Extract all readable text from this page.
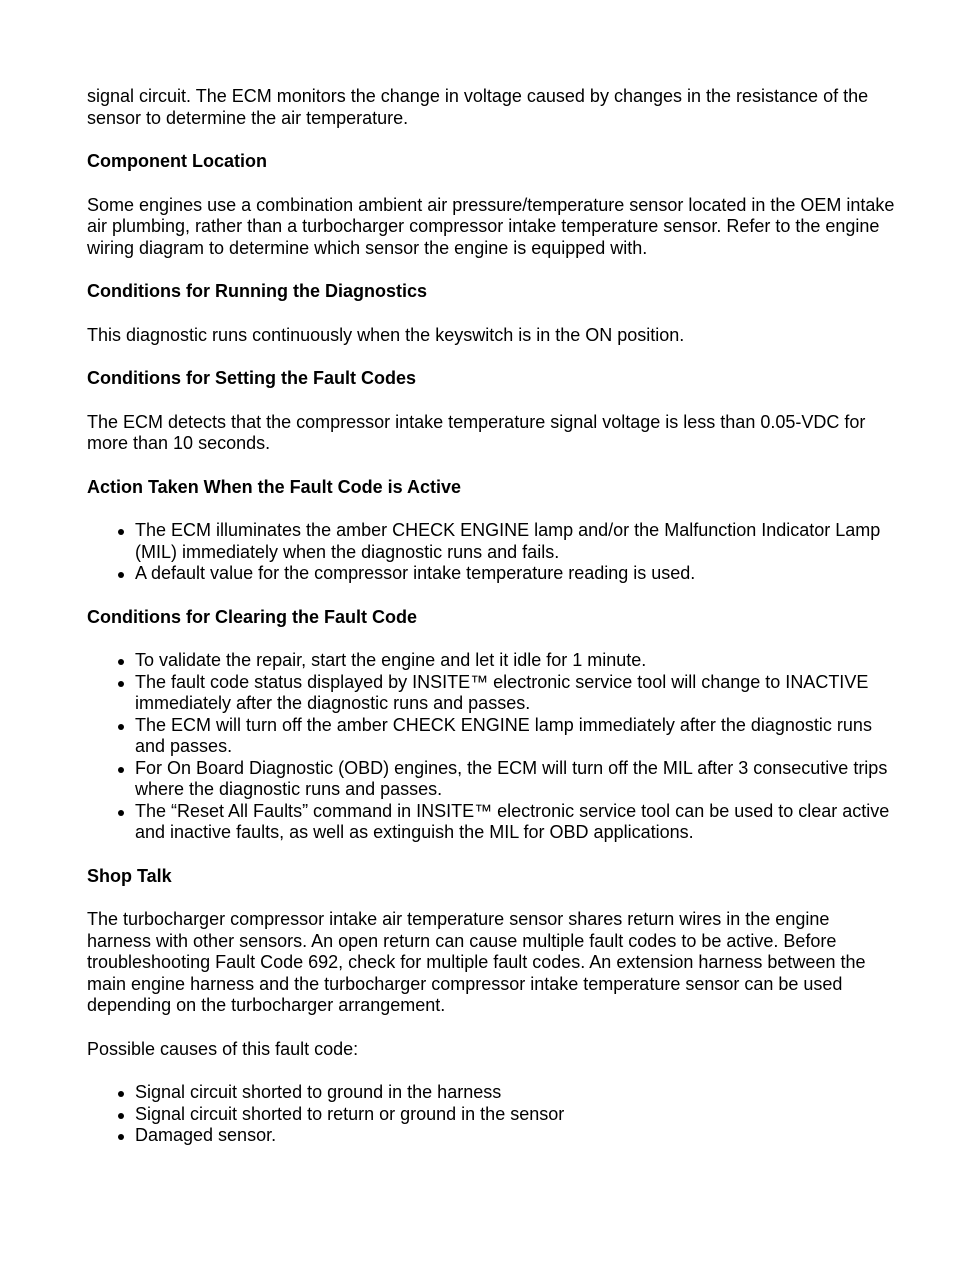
signal circuit. The ECM monitors the change in voltage caused by changes in the resistance of the sensor to determine the air temperature.

Component Location

Some engines use a combination ambient air pressure/temperature sensor located in the OEM intake air plumbing, rather than a turbocharger compressor intake temperature sensor. Refer to the engine wiring diagram to determine which sensor the engine is equipped with.

Conditions for Running the Diagnostics

This diagnostic runs continuously when the keyswitch is in the ON position.

Conditions for Setting the Fault Codes

The ECM detects that the compressor intake temperature signal voltage is less than 0.05-VDC for more than 10 seconds.

Action Taken When the Fault Code is Active
The ECM illuminates the amber CHECK ENGINE lamp and/or the Malfunction Indicator Lamp (MIL) immediately when the diagnostic runs and fails.
A default value for the compressor intake temperature reading is used.
Conditions for Clearing the Fault Code
To validate the repair, start the engine and let it idle for 1 minute.
The fault code status displayed by INSITE™ electronic service tool will change to INACTIVE immediately after the diagnostic runs and passes.
The ECM will turn off the amber CHECK ENGINE lamp immediately after the diagnostic runs and passes.
For On Board Diagnostic (OBD) engines, the ECM will turn off the MIL after 3 consecutive trips where the diagnostic runs and passes.
The “Reset All Faults” command in INSITE™ electronic service tool can be used to clear active and inactive faults, as well as extinguish the MIL for OBD applications.
Shop Talk

The turbocharger compressor intake air temperature sensor shares return wires in the engine harness with other sensors. An open return can cause multiple fault codes to be active. Before troubleshooting Fault Code 692, check for multiple fault codes. An extension harness between the main engine harness and the turbocharger compressor intake temperature sensor can be used depending on the turbocharger arrangement.

Possible causes of this fault code:

Signal circuit shorted to ground in the harness
Signal circuit shorted to return or ground in the sensor
Damaged sensor.
